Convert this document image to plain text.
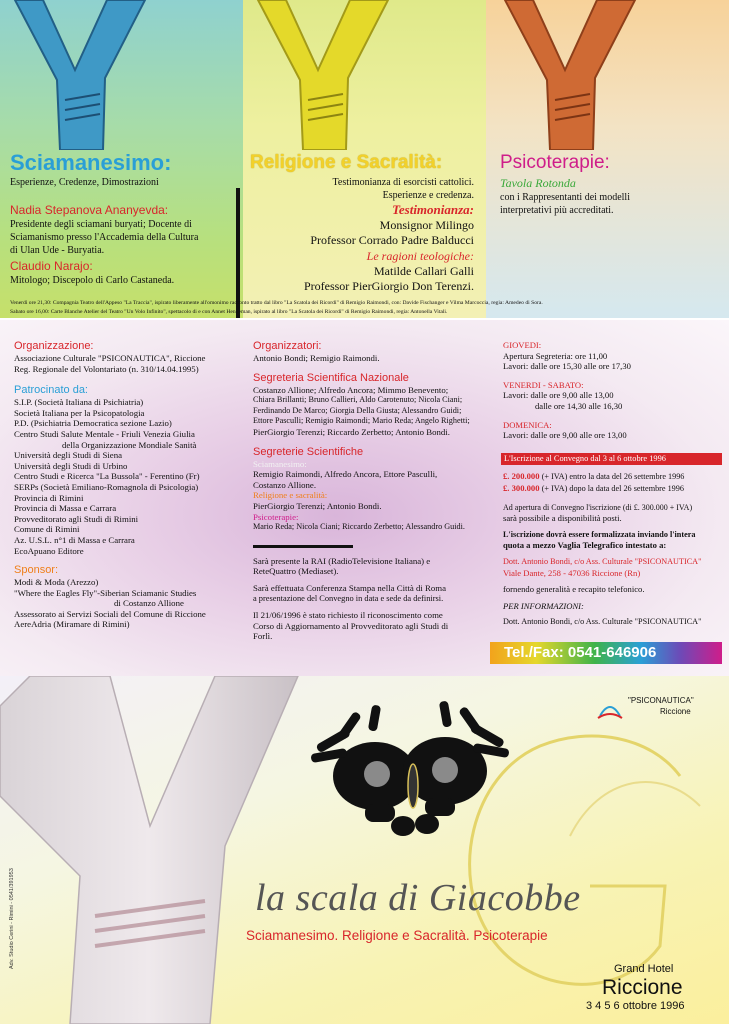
Sciamanesimo:
Esperienze, Credenze, Dimostrazioni
Nadia Stepanova Ananyevda:
Presidente degli sciamani buryati; Docente di
Sciamanismo presso l'Accademia della Cultura
di Ulan Ude - Buryatia.
Claudio Narajo:
Mitologo; Discepolo di Carlo Castaneda.
Religione e Sacralità:
Testimonianza di esorcisti cattolici.
Esperienze e credenza.
Testimonianza:
Monsignor Milingo
Professor Corrado Padre Balducci
Le ragioni teologiche:
Matilde Callari Galli
Professor PierGiorgio Don Terenzi.
Psicoterapie:
Tavola Rotonda
con i Rappresentanti dei modelli
interpretativi più accreditati.
Venerdì ore 21,30: Compagnia Teatro dell'Appeso "La Traccia", ispirato liberamente all'omonimo racconto tratto dal libro "La Scatola dei Ricordi" di Remigio Raimondi, con: Davide Fischanger e Vilma Marcoccia, regia: Amedeo di Sora.
Sabato ore 16,00: Carte Blanche Atelier del Teatro "Un Volo Infinito", spettacolo di e con Annet Henneman, ispirato al libro "La Scatola dei Ricordi" di Remigio Raimondi, regia: Antonella Vitali.
Organizzazione:
Associazione Culturale "PSICONAUTICA", Riccione
Reg. Regionale del Volontariato (n. 310/14.04.1995)
Patrocinato da:
S.I.P. (Società Italiana di Psichiatria)
Società Italiana per la Psicopatologia
P.D. (Psichiatria Democratica sezione Lazio)
Centro Studi Salute Mentale - Friuli Venezia Giulia
della Organizzazione Mondiale Sanità
Università degli Studi di Siena
Università degli Studi di Urbino
Centro Studi e Ricerca "La Bussola" - Ferentino (Fr)
SERPs (Società Emiliano-Romagnola di Psicologia)
Provincia di Rimini
Provincia di Massa e Carrara
Provveditorato agli Studi di Rimini
Comune di Rimini
Az. U.S.L. n°1 di Massa e Carrara
EcoApuano Editore
Sponsor:
Modi & Moda (Arezzo)
"Where the Eagles Fly"-Siberian Sciamanic Studies
di Costanzo Allione
Assessorato ai Servizi Sociali del Comune di Riccione
AereAdria (Miramare di Rimini)
Organizzatori:
Antonio Bondi; Remigio Raimondi.
Segreteria Scientifica Nazionale
Costanzo Allione; Alfredo Ancora; Mimmo Benevento;
Chiara Brillanti; Bruno Callieri, Aldo Carotenuto; Nicola Ciani;
Ferdinando De Marco; Giorgia Della Giusta; Alessandro Guidi;
Ettore Pasculli; Remigio Raimondi; Mario Reda; Angelo Righetti;
PierGiorgio Terenzi; Riccardo Zerbetto; Antonio Bondi.
Segreterie Scientifiche
Sciamanesimo:
Remigio Raimondi, Alfredo Ancora, Ettore Pasculli,
Costanzo Allione.
Religione e sacralità:
PierGiorgio Terenzi; Antonio Bondi.
Psicoterapie:
Mario Reda; Nicola Ciani; Riccardo Zerbetto; Alessandro Guidi.
Sarà presente la RAI (RadioTelevisione Italiana) e
ReteQuattro (Mediaset).
Sarà effettuata Conferenza Stampa nella Città di Roma
a presentazione del Convegno in data e sede da definirsi.
Il 21/06/1996 è stato richiesto il riconoscimento come
Corso di Aggiornamento al Provveditorato agli Studi di
Forlì.
GIOVEDI:
Apertura Segreteria: ore 11,00
Lavori: dalle ore 15,30 alle ore 17,30
VENERDI - SABATO:
Lavori: dalle ore 9,00 alle 13,00
dalle ore 14,30 alle 16,30
DOMENICA:
Lavori: dalle ore 9,00 alle ore 13,00
L'Iscrizione al Convegno dal 3 al 6 ottobre 1996
£. 200.000 (+ IVA) entro la data del 26 settembre 1996
£. 300.000 (+ IVA) dopo la data del 26 settembre 1996
Ad apertura di Convegno l'iscrizione (di £. 300.000 + IVA)
sarà possibile a disponibilità posti.
L'iscrizione dovrà essere formalizzata inviando l'intera
quota a mezzo Vaglia Telegrafico intestato a:
Dott. Antonio Bondi, c/o Ass. Culturale "PSICONAUTICA"
Viale Dante, 258 - 47036 Riccione (Rn)
fornendo generalità e recapito telefonico.
PER INFORMAZIONI:
Dott. Antonio Bondi, c/o Ass. Culturale "PSICONAUTICA"
Tel./Fax: 0541-646906
Adv. Studio Cerini - Rimini - 0541/391953
"PSICONAUTICA"
Riccione
la scala di Giacobbe
Sciamanesimo. Religione e Sacralità. Psicoterapie
Grand Hotel
Riccione
3 4 5 6 ottobre 1996
